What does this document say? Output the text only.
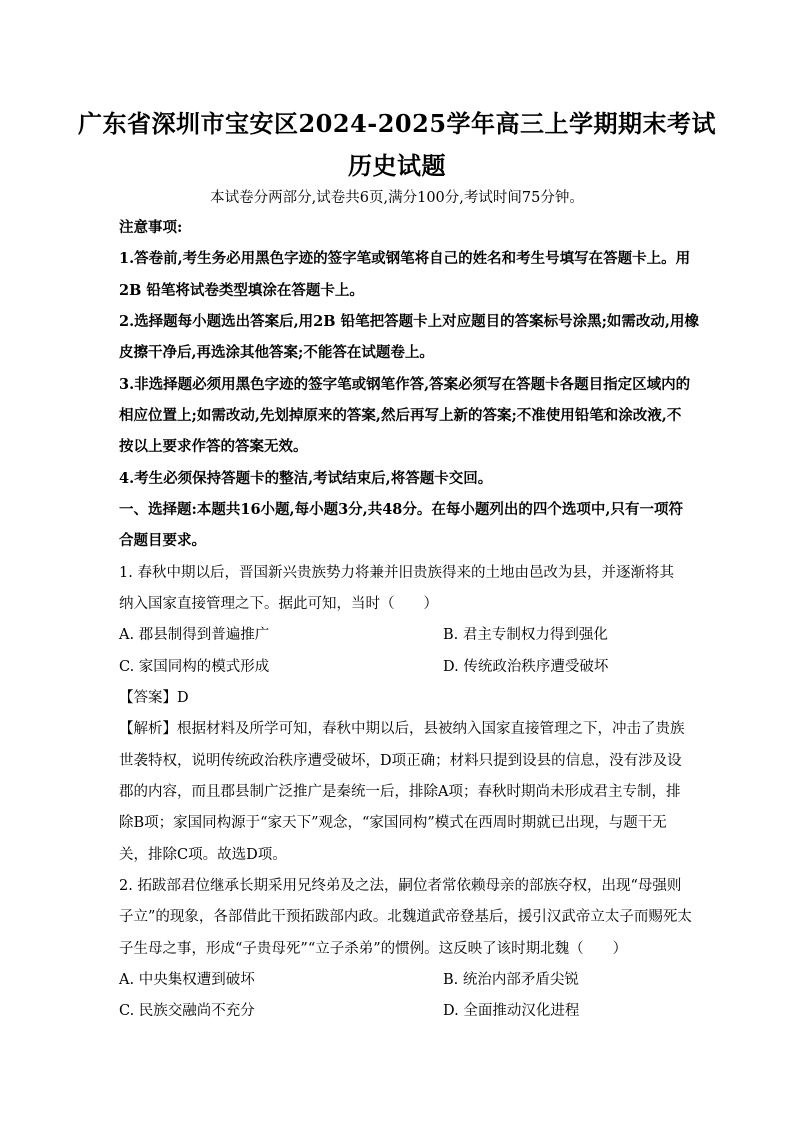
广东省深圳市宝安区2024-2025学年高三上学期期末考试
历史试题
本试卷分两部分,试卷共6页,满分100分,考试时间75分钟。
注意事项:
1.答卷前,考生务必用黑色字迹的签字笔或钢笔将自己的姓名和考生号填写在答题卡上。用
2B 铅笔将试卷类型填涂在答题卡上。
2.选择题每小题选出答案后,用2B 铅笔把答题卡上对应题目的答案标号涂黑;如需改动,用橡
皮擦干净后,再选涂其他答案;不能答在试题卷上。
3.非选择题必须用黑色字迹的签字笔或钢笔作答,答案必须写在答题卡各题目指定区域内的
相应位置上;如需改动,先划掉原来的答案,然后再写上新的答案;不准使用铅笔和涂改液,不
按以上要求作答的答案无效。
4.考生必须保持答题卡的整洁,考试结束后,将答题卡交回。
一、选择题:本题共16小题,每小题3分,共48分。在每小题列出的四个选项中,只有一项符
合题目要求。
1. 春秋中期以后，晋国新兴贵族势力将兼并旧贵族得来的土地由邑改为县，并逐渐将其
纳入国家直接管理之下。据此可知，当时（　　）
A. 郡县制得到普遍推广	B. 君主专制权力得到强化
C. 家国同构的模式形成	D. 传统政治秩序遭受破坏
【答案】D
【解析】根据材料及所学可知，春秋中期以后，县被纳入国家直接管理之下，冲击了贵族
世袭特权，说明传统政治秩序遭受破坏，D项正确；材料只提到设县的信息，没有涉及设
郡的内容，而且郡县制广泛推广是秦统一后，排除A项；春秋时期尚未形成君主专制，排
除B项；家国同构源于“家天下”观念，“家国同构”模式在西周时期就已出现，与题干无
关，排除C项。故选D项。
2. 拓跋部君位继承长期采用兄终弟及之法，嗣位者常依赖母亲的部族夺权，出现“母强则
子立”的现象，各部借此干预拓跋部内政。北魏道武帝登基后，援引汉武帝立太子而赐死太
子生母之事，形成“子贵母死”“立子杀弟”的惯例。这反映了该时期北魏（　　）
A. 中央集权遭到破坏	B. 统治内部矛盾尖锐
C. 民族交融尚不充分	D. 全面推动汉化进程
